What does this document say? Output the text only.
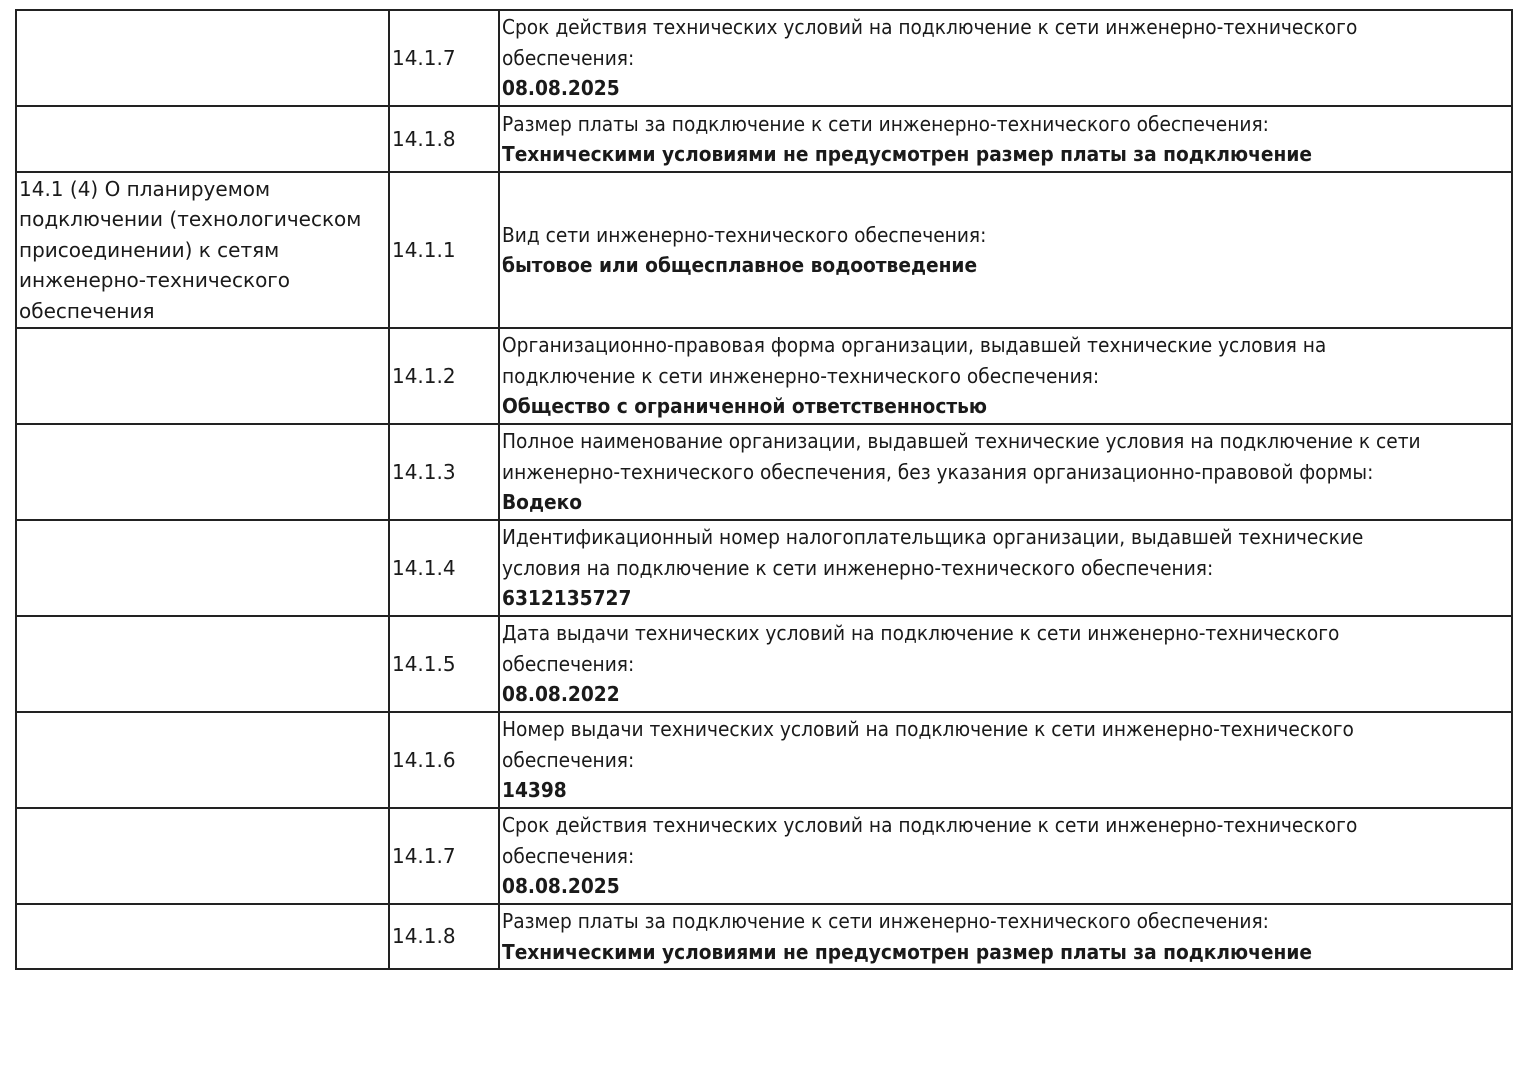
	14.1.7	Срок действия технических условий на подключение к сети инженерно-технического
обеспечения:
08.08.2025

	14.1.8	Размер платы за подключение к сети инженерно-технического обеспечения:
Техническими условиями не предусмотрен размер платы за подключение

14.1 (4) О планируемом
подключении (технологическом
присоединении) к сетям
инженерно-технического
обеспечения	14.1.1	Вид сети инженерно-технического обеспечения:
бытовое или общесплавное водоотведение

	14.1.2	Организационно-правовая форма организации, выдавшей технические условия на
подключение к сети инженерно-технического обеспечения:
Общество с ограниченной ответственностью

	14.1.3	Полное наименование организации, выдавшей технические условия на подключение к сети
инженерно-технического обеспечения, без указания организационно-правовой формы:
Водеко

	14.1.4	Идентификационный номер налогоплательщика организации, выдавшей технические
условия на подключение к сети инженерно-технического обеспечения:
6312135727

	14.1.5	Дата выдачи технических условий на подключение к сети инженерно-технического
обеспечения:
08.08.2022

	14.1.6	Номер выдачи технических условий на подключение к сети инженерно-технического
обеспечения:
14398

	14.1.7	Срок действия технических условий на подключение к сети инженерно-технического
обеспечения:
08.08.2025

	14.1.8	Размер платы за подключение к сети инженерно-технического обеспечения:
Техническими условиями не предусмотрен размер платы за подключение
